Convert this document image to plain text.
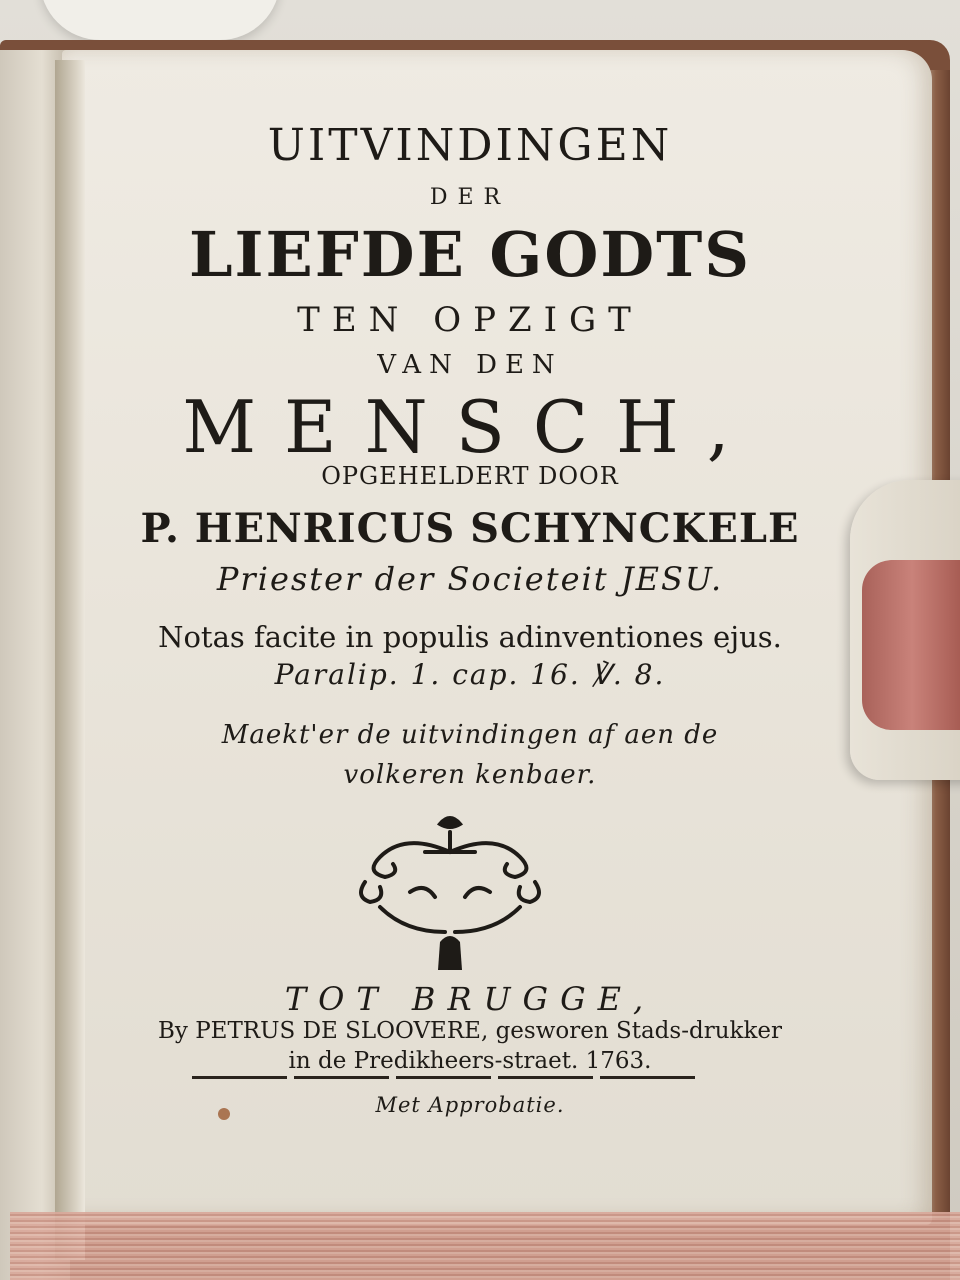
UITVINDINGEN
DER
LIEFDE GODTS
TEN OPZIGT
VAN DEN
MENSCH,
OPGEHELDERT DOOR
P. HENRICUS SCHYNCKELE
Priester der Societeit JESU.
Notas facite in populis adinventiones ejus.
Paralip. 1. cap. 16. ℣. 8.
Maekt'er de uitvindingen af aen de
volkeren kenbaer.
TOT BRUGGE,
By PETRUS DE SLOOVERE, gesworen Stads-drukker
in de Predikheers-straet. 1763.
Met Approbatie.
